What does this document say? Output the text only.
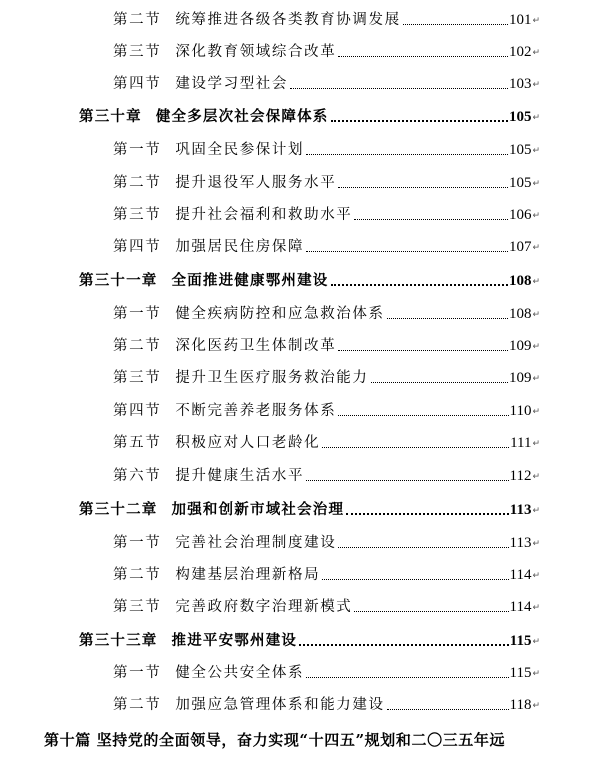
第二节 统筹推进各级各类教育协调发展	101 ↵
第三节 深化教育领域综合改革	102 ↵
第四节 建设学习型社会	103 ↵
第三十章 健全多层次社会保障体系	105 ↵
第一节 巩固全民参保计划	105 ↵
第二节 提升退役军人服务水平	105 ↵
第三节 提升社会福利和救助水平	106 ↵
第四节 加强居民住房保障	107 ↵
第三十一章 全面推进健康鄂州建设	108 ↵
第一节 健全疾病防控和应急救治体系	108 ↵
第二节 深化医药卫生体制改革	109 ↵
第三节 提升卫生医疗服务救治能力	109 ↵
第四节 不断完善养老服务体系	110 ↵
第五节 积极应对人口老龄化	111 ↵
第六节 提升健康生活水平	112 ↵
第三十二章 加强和创新市域社会治理	113 ↵
第一节 完善社会治理制度建设	113 ↵
第二节 构建基层治理新格局	114 ↵
第三节 完善政府数字治理新模式	114 ↵
第三十三章 推进平安鄂州建设	115 ↵
第一节 健全公共安全体系	115 ↵
第二节 加强应急管理体系和能力建设	118 ↵
第十篇 坚持党的全面领导，奋力实现“十四五”规划和二〇三五年远
